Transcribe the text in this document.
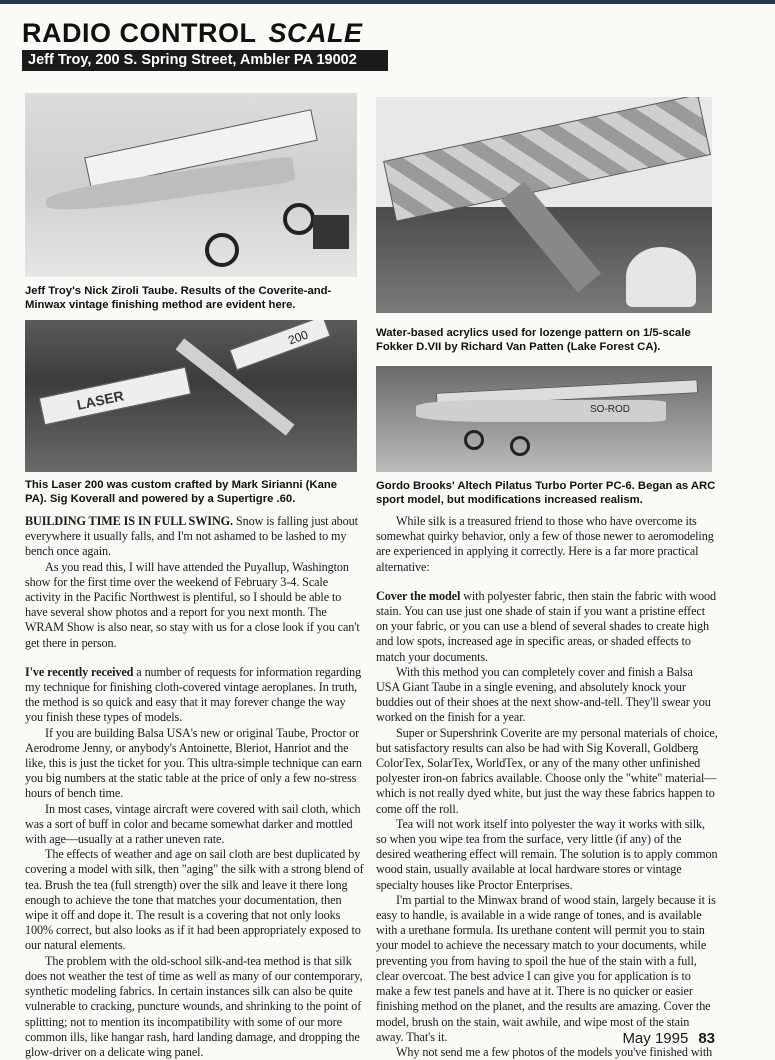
RADIO CONTROL SCALE
Jeff Troy, 200 S. Spring Street, Ambler PA 19002
Jeff Troy's Nick Ziroli Taube. Results of the Coverite-and-Minwax vintage finishing method are evident here.
LASER
200
This Laser 200 was custom crafted by Mark Sirianni (Kane PA). Sig Koverall and powered by a Supertigre .60.
Water-based acrylics used for lozenge pattern on 1/5-scale Fokker D.VII by Richard Van Patten (Lake Forest CA).
SO-ROD
Gordo Brooks' Altech Pilatus Turbo Porter PC-6. Began as ARC sport model, but modifications increased realism.

BUILDING TIME IS IN FULL SWING. Snow is falling just about everywhere it usually falls, and I'm not ashamed to be lashed to my bench once again.

As you read this, I will have attended the Puyallup, Washington show for the first time over the weekend of February 3-4. Scale activity in the Pacific Northwest is plentiful, so I should be able to have several show photos and a report for you next month. The WRAM Show is also near, so stay with us for a close look if you can't get there in person.

I've recently received a number of requests for information regarding my technique for finishing cloth-covered vintage aeroplanes. In truth, the method is so quick and easy that it may forever change the way you finish these types of models.

If you are building Balsa USA's new or original Taube, Proctor or Aerodrome Jenny, or anybody's Antoinette, Bleriot, Hanriot and the like, this is just the ticket for you. This ultra-simple technique can earn you big numbers at the static table at the price of only a few no-stress hours of bench time.

In most cases, vintage aircraft were covered with sail cloth, which was a sort of buff in color and became somewhat darker and mottled with age—usually at a rather uneven rate.

The effects of weather and age on sail cloth are best duplicated by covering a model with silk, then "aging" the silk with a strong blend of tea. Brush the tea (full strength) over the silk and leave it there long enough to achieve the tone that matches your documentation, then wipe it off and dope it. The result is a covering that not only looks 100% correct, but also looks as if it had been appropriately exposed to our natural elements.

The problem with the old-school silk-and-tea method is that silk does not weather the test of time as well as many of our contemporary, synthetic modeling fabrics. In certain instances silk can also be quite vulnerable to cracking, puncture wounds, and shrinking to the point of splitting; not to mention its incompatibility with some of our more common ills, like hangar rash, hard landing damage, and dropping the glow-driver on a delicate wing panel.

While silk is a treasured friend to those who have overcome its somewhat quirky behavior, only a few of those newer to aeromodeling are experienced in applying it correctly. Here is a far more practical alternative:

Cover the model with polyester fabric, then stain the fabric with wood stain. You can use just one shade of stain if you want a pristine effect on your fabric, or you can use a blend of several shades to create high and low spots, increased age in specific areas, or shaded effects to match your documents.

With this method you can completely cover and finish a Balsa USA Giant Taube in a single evening, and absolutely knock your buddies out of their shoes at the next show-and-tell. They'll swear you worked on the finish for a year.

Super or Supershrink Coverite are my personal materials of choice, but satisfactory results can also be had with Sig Koverall, Goldberg ColorTex, SolarTex, WorldTex, or any of the many other unfinished polyester iron-on fabrics available. Choose only the "white" material—which is not really dyed white, but just the way these fabrics happen to come off the roll.

Tea will not work itself into polyester the way it works with silk, so when you wipe tea from the surface, very little (if any) of the desired weathering effect will remain. The solution is to apply common wood stain, usually available at local hardware stores or vintage specialty houses like Proctor Enterprises.

I'm partial to the Minwax brand of wood stain, largely because it is easy to handle, is available in a wide range of tones, and is available with a urethane formula. Its urethane content will permit you to stain your model to achieve the necessary match to your documents, while preventing you from having to spoil the hue of the stain with a full, clear overcoat. The best advice I can give you for application is to make a few test panels and have at it. There is no quicker or easier finishing method on the planet, and the results are amazing. Cover the model, brush on the stain, wait awhile, and wipe most of the stain away. That's it.

Why not send me a few photos of the models you've finished with

May 1995 83
